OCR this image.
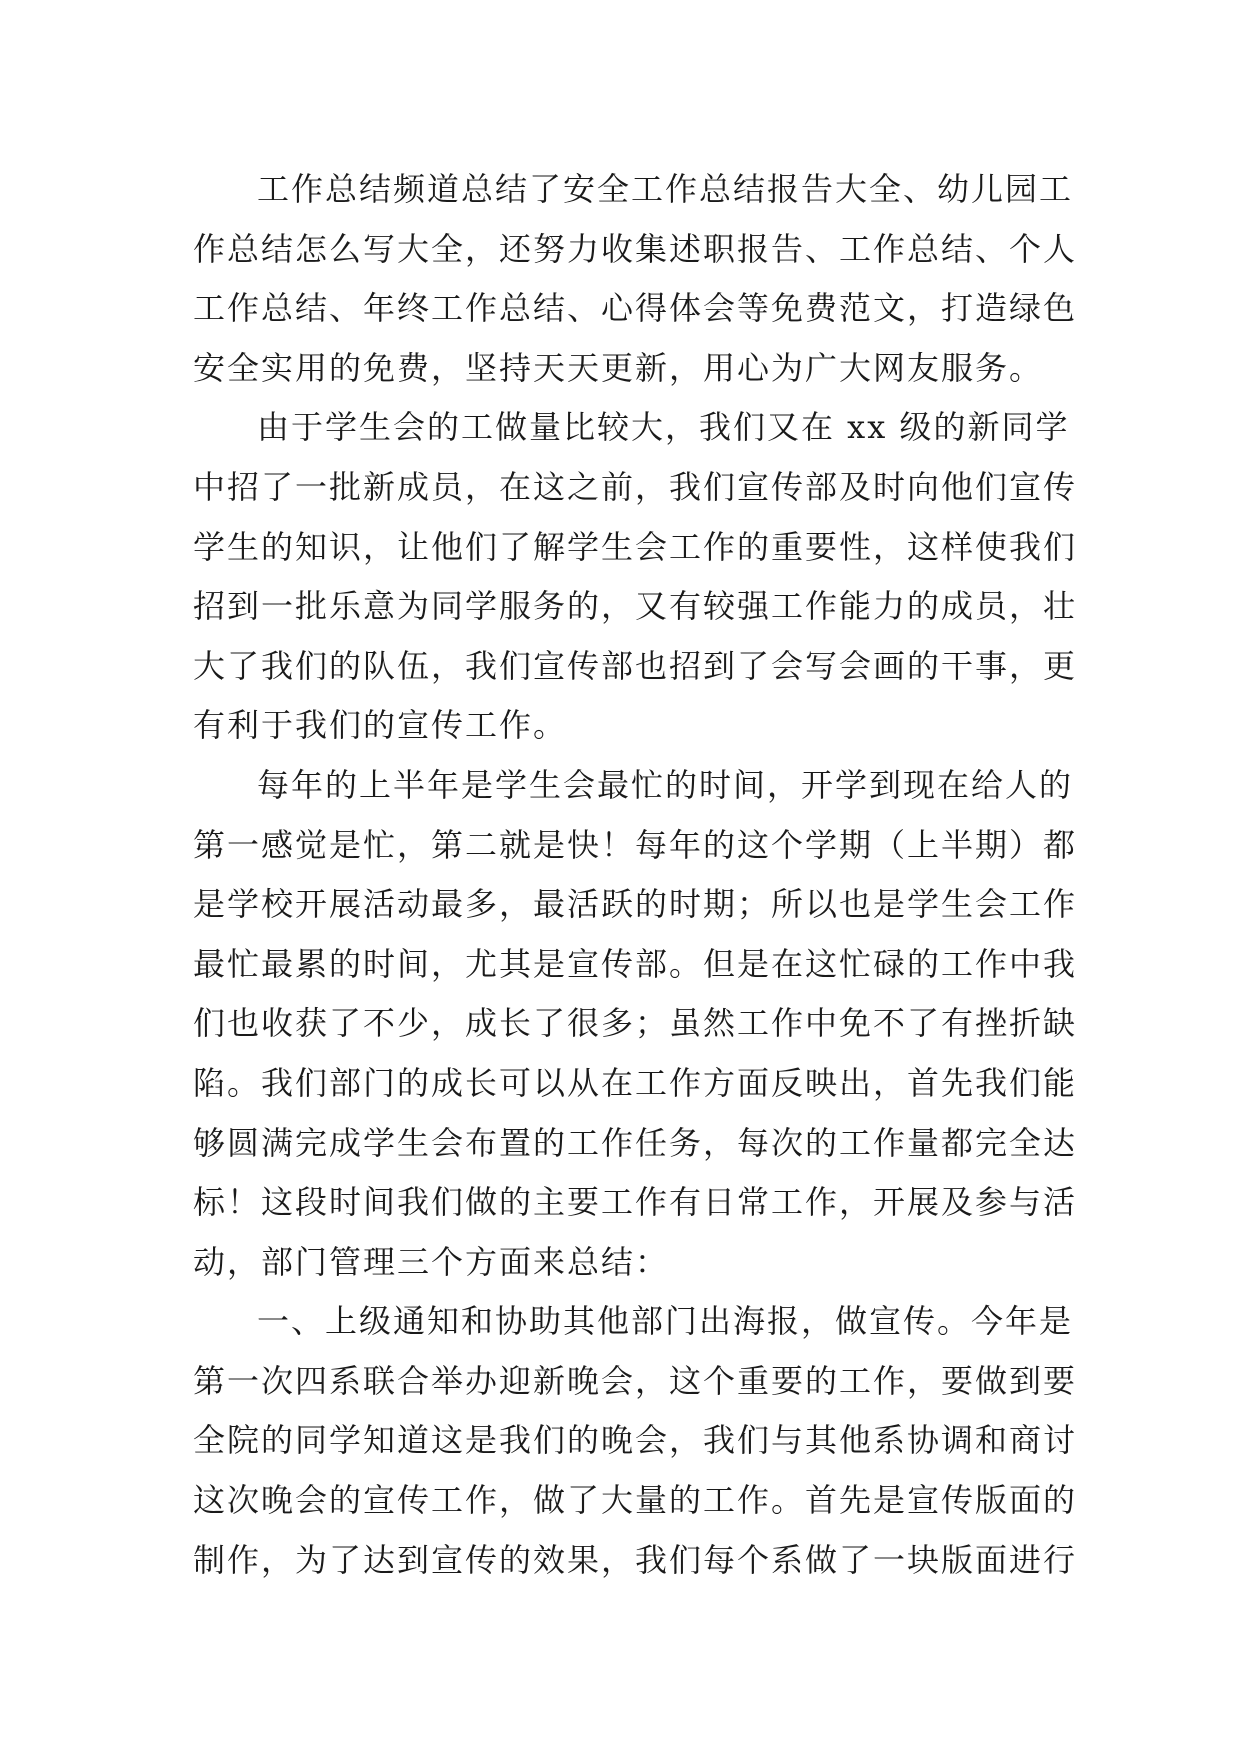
工作总结频道总结了安全工作总结报告大全、幼儿园工
作总结怎么写大全，还努力收集述职报告、工作总结、个人
工作总结、年终工作总结、心得体会等免费范文，打造绿色
安全实用的免费，坚持天天更新，用心为广大网友服务。
由于学生会的工做量比较大，我们又在 xx 级的新同学
中招了一批新成员，在这之前，我们宣传部及时向他们宣传
学生的知识，让他们了解学生会工作的重要性，这样使我们
招到一批乐意为同学服务的，又有较强工作能力的成员，壮
大了我们的队伍，我们宣传部也招到了会写会画的干事，更
有利于我们的宣传工作。
每年的上半年是学生会最忙的时间，开学到现在给人的
第一感觉是忙，第二就是快！每年的这个学期（上半期）都
是学校开展活动最多，最活跃的时期；所以也是学生会工作
最忙最累的时间，尤其是宣传部。但是在这忙碌的工作中我
们也收获了不少，成长了很多；虽然工作中免不了有挫折缺
陷。我们部门的成长可以从在工作方面反映出，首先我们能
够圆满完成学生会布置的工作任务，每次的工作量都完全达
标！这段时间我们做的主要工作有日常工作，开展及参与活
动，部门管理三个方面来总结：
一、上级通知和协助其他部门出海报，做宣传。今年是
第一次四系联合举办迎新晚会，这个重要的工作，要做到要
全院的同学知道这是我们的晚会，我们与其他系协调和商讨
这次晚会的宣传工作，做了大量的工作。首先是宣传版面的
制作，为了达到宣传的效果，我们每个系做了一块版面进行
